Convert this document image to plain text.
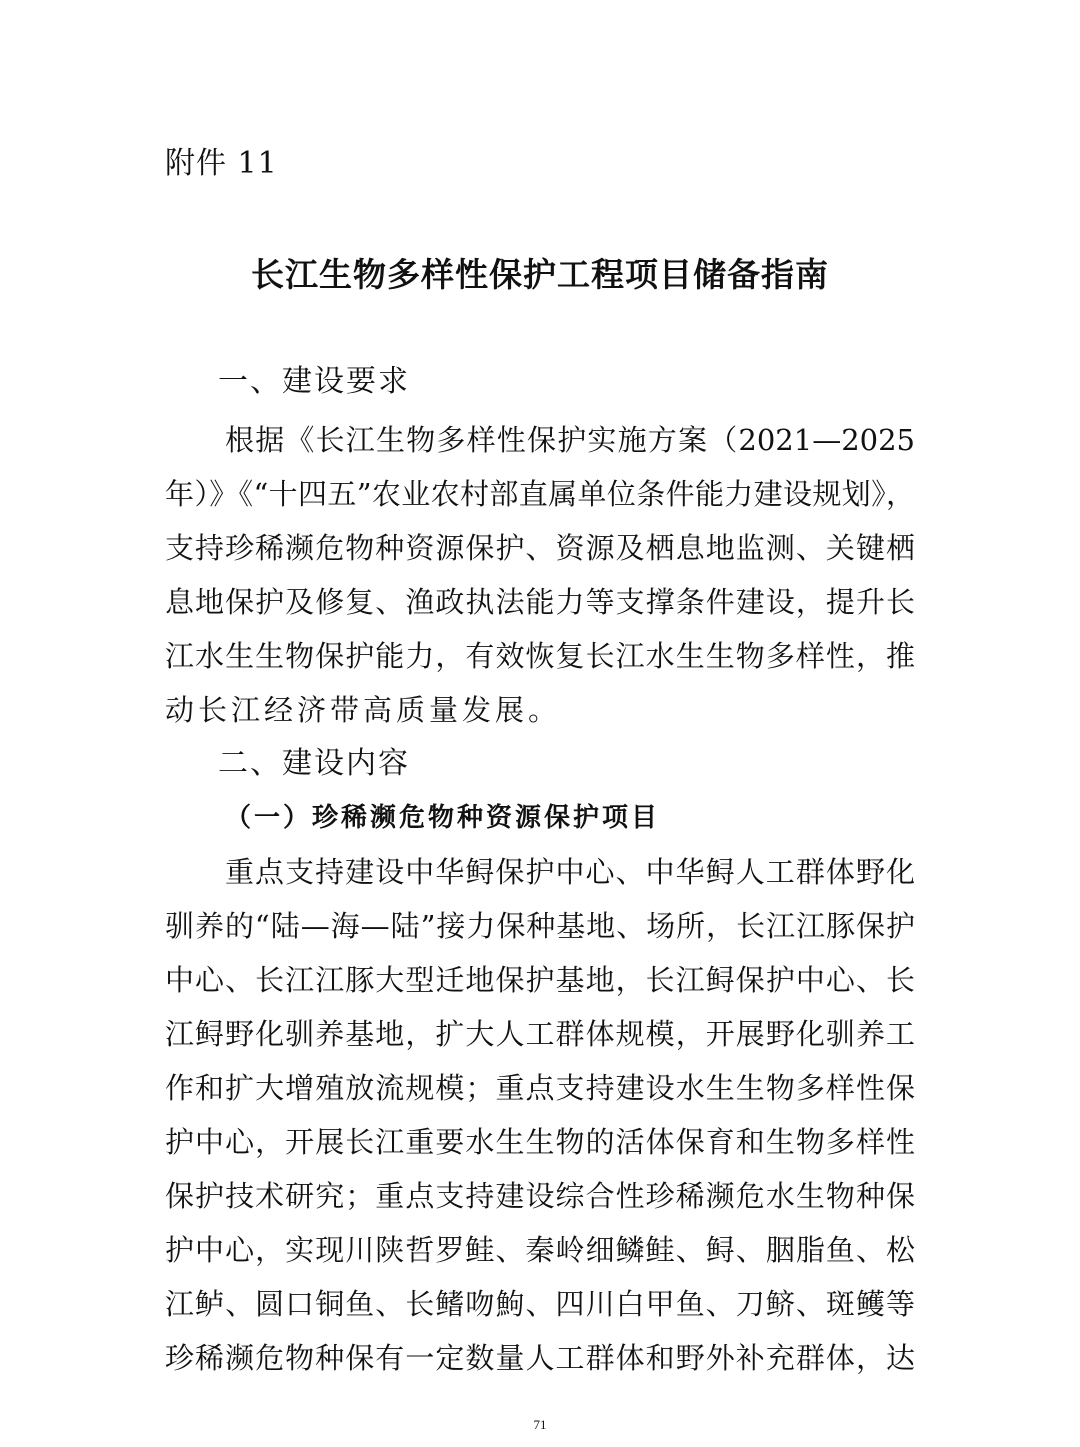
附件 11
长江生物多样性保护工程项目储备指南
一、建设要求
根据《长江生物多样性保护实施方案（2021—2025
年）》《“十四五”农业农村部直属单位条件能力建设规划》，
支持珍稀濒危物种资源保护、资源及栖息地监测、关键栖
息地保护及修复、渔政执法能力等支撑条件建设，提升长
江水生生物保护能力，有效恢复长江水生生物多样性，推
动长江经济带高质量发展。
二、建设内容
（一）珍稀濒危物种资源保护项目
重点支持建设中华鲟保护中心、中华鲟人工群体野化
驯养的“陆—海—陆”接力保种基地、场所，长江江豚保护
中心、长江江豚大型迁地保护基地，长江鲟保护中心、长
江鲟野化驯养基地，扩大人工群体规模，开展野化驯养工
作和扩大增殖放流规模；重点支持建设水生生物多样性保
护中心，开展长江重要水生生物的活体保育和生物多样性
保护技术研究；重点支持建设综合性珍稀濒危水生物种保
护中心，实现川陕哲罗鲑、秦岭细鳞鲑、鲟、胭脂鱼、松
江鲈、圆口铜鱼、长鳍吻鮈、四川白甲鱼、刀鲚、斑鳠等
珍稀濒危物种保有一定数量人工群体和野外补充群体，达
71
